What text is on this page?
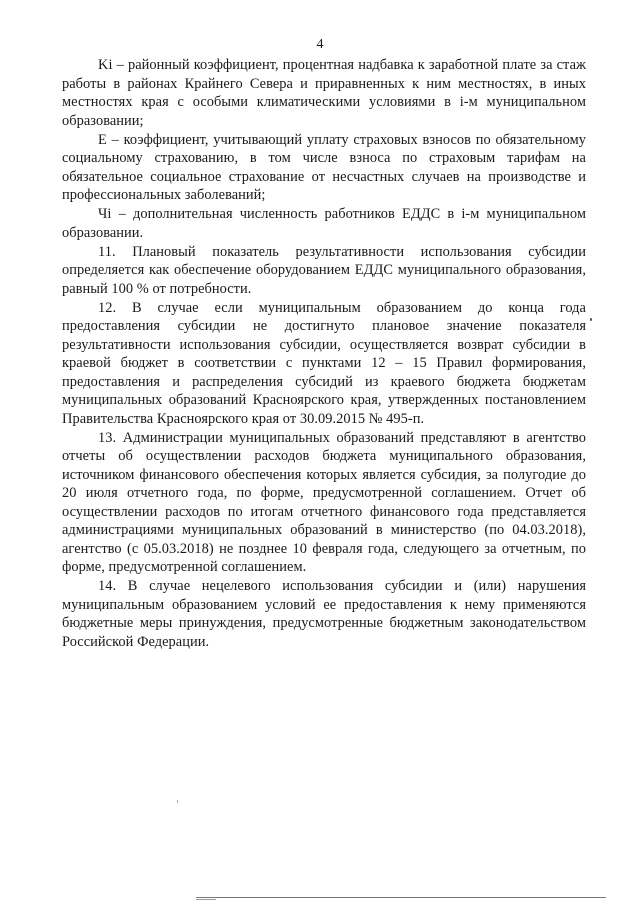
4

Ki – районный коэффициент, процентная надбавка к заработной плате за стаж работы в районах Крайнего Севера и приравненных к ним местностях, в иных местностях края с особыми климатическими условиями в i-м муниципальном образовании;

Е – коэффициент, учитывающий уплату страховых взносов по обязательному социальному страхованию, в том числе взноса по страховым тарифам на обязательное социальное страхование от несчастных случаев на производстве и профессиональных заболеваний;

Чi – дополнительная численность работников ЕДДС в i-м муниципальном образовании.

11. Плановый показатель результативности использования субсидии определяется как обеспечение оборудованием ЕДДС муниципального образования, равный 100 % от потребности.

12. В случае если муниципальным образованием до конца года предоставления субсидии не достигнуто плановое значение показателя результативности использования субсидии, осуществляется возврат субсидии в краевой бюджет в соответствии с пунктами 12 – 15 Правил формирования, предоставления и распределения субсидий из краевого бюджета бюджетам муниципальных образований Красноярского края, утвержденных постановлением Правительства Красноярского края от 30.09.2015 № 495-п.

13. Администрации муниципальных образований представляют в агентство отчеты об осуществлении расходов бюджета муниципального образования, источником финансового обеспечения которых является субсидия, за полугодие до 20 июля отчетного года, по форме, предусмотренной соглашением. Отчет об осуществлении расходов по итогам отчетного финансового года представляется администрациями муниципальных образований в министерство (по 04.03.2018), агентство (с 05.03.2018) не позднее 10 февраля года, следующего за отчетным, по форме, предусмотренной соглашением.

14. В случае нецелевого использования субсидии и (или) нарушения муниципальным образованием условий ее предоставления к нему применяются бюджетные меры принуждения, предусмотренные бюджетным законодательством Российской Федерации.
